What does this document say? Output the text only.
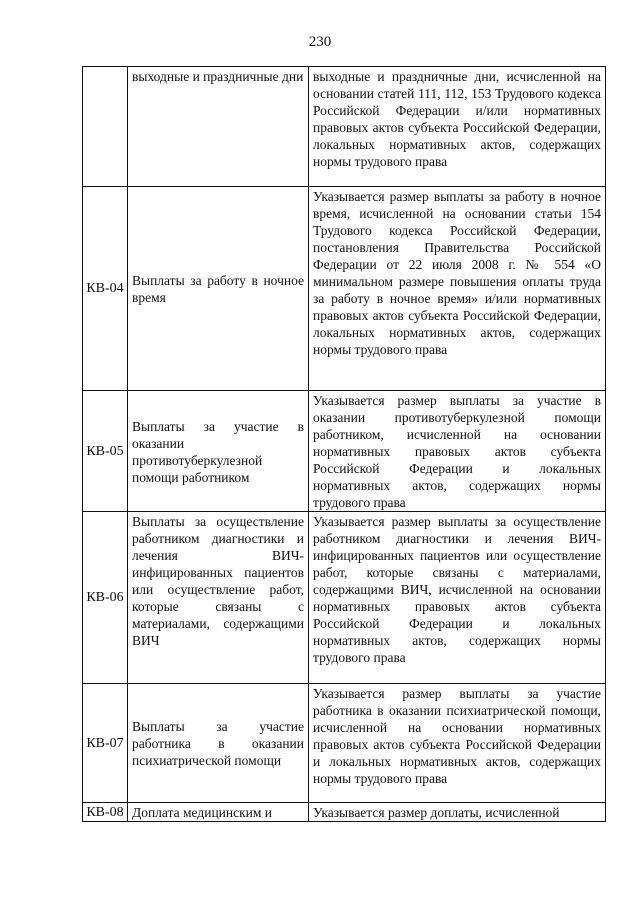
230
	выходные и праздничные дни	выходные и праздничные дни, исчисленной на основании статей 111, 112, 153 Трудового кодекса Российской Федерации и/или нормативных правовых актов субъекта Российской Федерации, локальных нормативных актов, содержащих нормы трудового права
КВ-04	Выплаты за работу в ночное время	Указывается размер выплаты за работу в ночное время, исчисленной на основании статьи 154 Трудового кодекса Российской Федерации, постановления Правительства Российской Федерации от 22 июля 2008 г. № 554 «О минимальном размере повышения оплаты труда за работу в ночное время» и/или нормативных правовых актов субъекта Российской Федерации, локальных нормативных актов, содержащих нормы трудового права
КВ-05	Выплаты за участие в оказании противотуберкулезной помощи работником	Указывается размер выплаты за участие в оказании противотуберкулезной помощи работником, исчисленной на основании нормативных правовых актов субъекта Российской Федерации и локальных нормативных актов, содержащих нормы трудового права
КВ-06	Выплаты за осуществление работником диагностики и лечения ВИЧ-инфицированных пациентов или осуществление работ, которые связаны с материалами, содержащими ВИЧ	Указывается размер выплаты за осуществление работником диагностики и лечения ВИЧ-инфицированных пациентов или осуществление работ, которые связаны с материалами, содержащими ВИЧ, исчисленной на основании нормативных правовых актов субъекта Российской Федерации и локальных нормативных актов, содержащих нормы трудового права
КВ-07	Выплаты за участие работника в оказании психиатрической помощи	Указывается размер выплаты за участие работника в оказании психиатрической помощи, исчисленной на основании нормативных правовых актов субъекта Российской Федерации и локальных нормативных актов, содержащих нормы трудового права
КВ-08	Доплата медицинским и	Указывается размер доплаты, исчисленной
